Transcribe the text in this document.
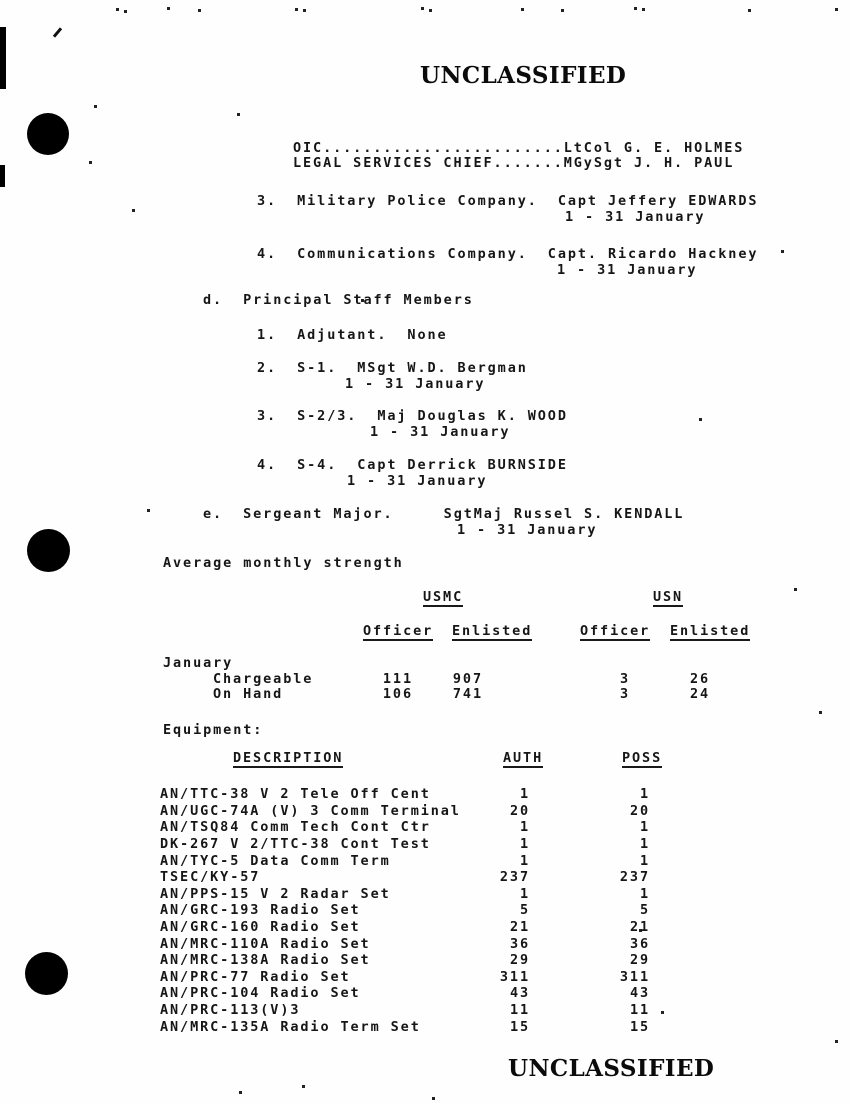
UNCLASSIFIED
UNCLASSIFIED
OIC........................LtCol G. E. HOLMES
LEGAL SERVICES CHIEF.......MGySgt J. H. PAUL
3.  Military Police Company.  Capt Jeffery EDWARDS
1 - 31 January
4.  Communications Company.  Capt. Ricardo Hackney
1 - 31 January
d.  Principal Staff Members
1.  Adjutant.  None
2.  S-1.  MSgt W.D. Bergman
1 - 31 January
3.  S-2/3.  Maj Douglas K. WOOD
1 - 31 January
4.  S-4.  Capt Derrick BURNSIDE
1 - 31 January
e.  Sergeant Major.     SgtMaj Russel S. KENDALL
1 - 31 January
Average monthly strength
USMC	USN
Officer Enlisted	Officer Enlisted
January
Chargeable	111	907	3	26
On Hand	106	741	3	24
Equipment:
DESCRIPTION	AUTH	POSS
AN/TTC-38 V 2 Tele Off Cent	1	1
AN/UGC-74A (V) 3 Comm Terminal	20	20
AN/TSQ84 Comm Tech Cont Ctr	1	1
DK-267 V 2/TTC-38 Cont Test	1	1
AN/TYC-5 Data Comm Term	1	1
TSEC/KY-57	237	237
AN/PPS-15 V 2 Radar Set	1	1
AN/GRC-193 Radio Set	5	5
AN/GRC-160 Radio Set	21	21
AN/MRC-110A Radio Set	36	36
AN/MRC-138A Radio Set	29	29
AN/PRC-77 Radio Set	311	311
AN/PRC-104 Radio Set	43	43
AN/PRC-113(V)3	11	11
AN/MRC-135A Radio Term Set	15	15
